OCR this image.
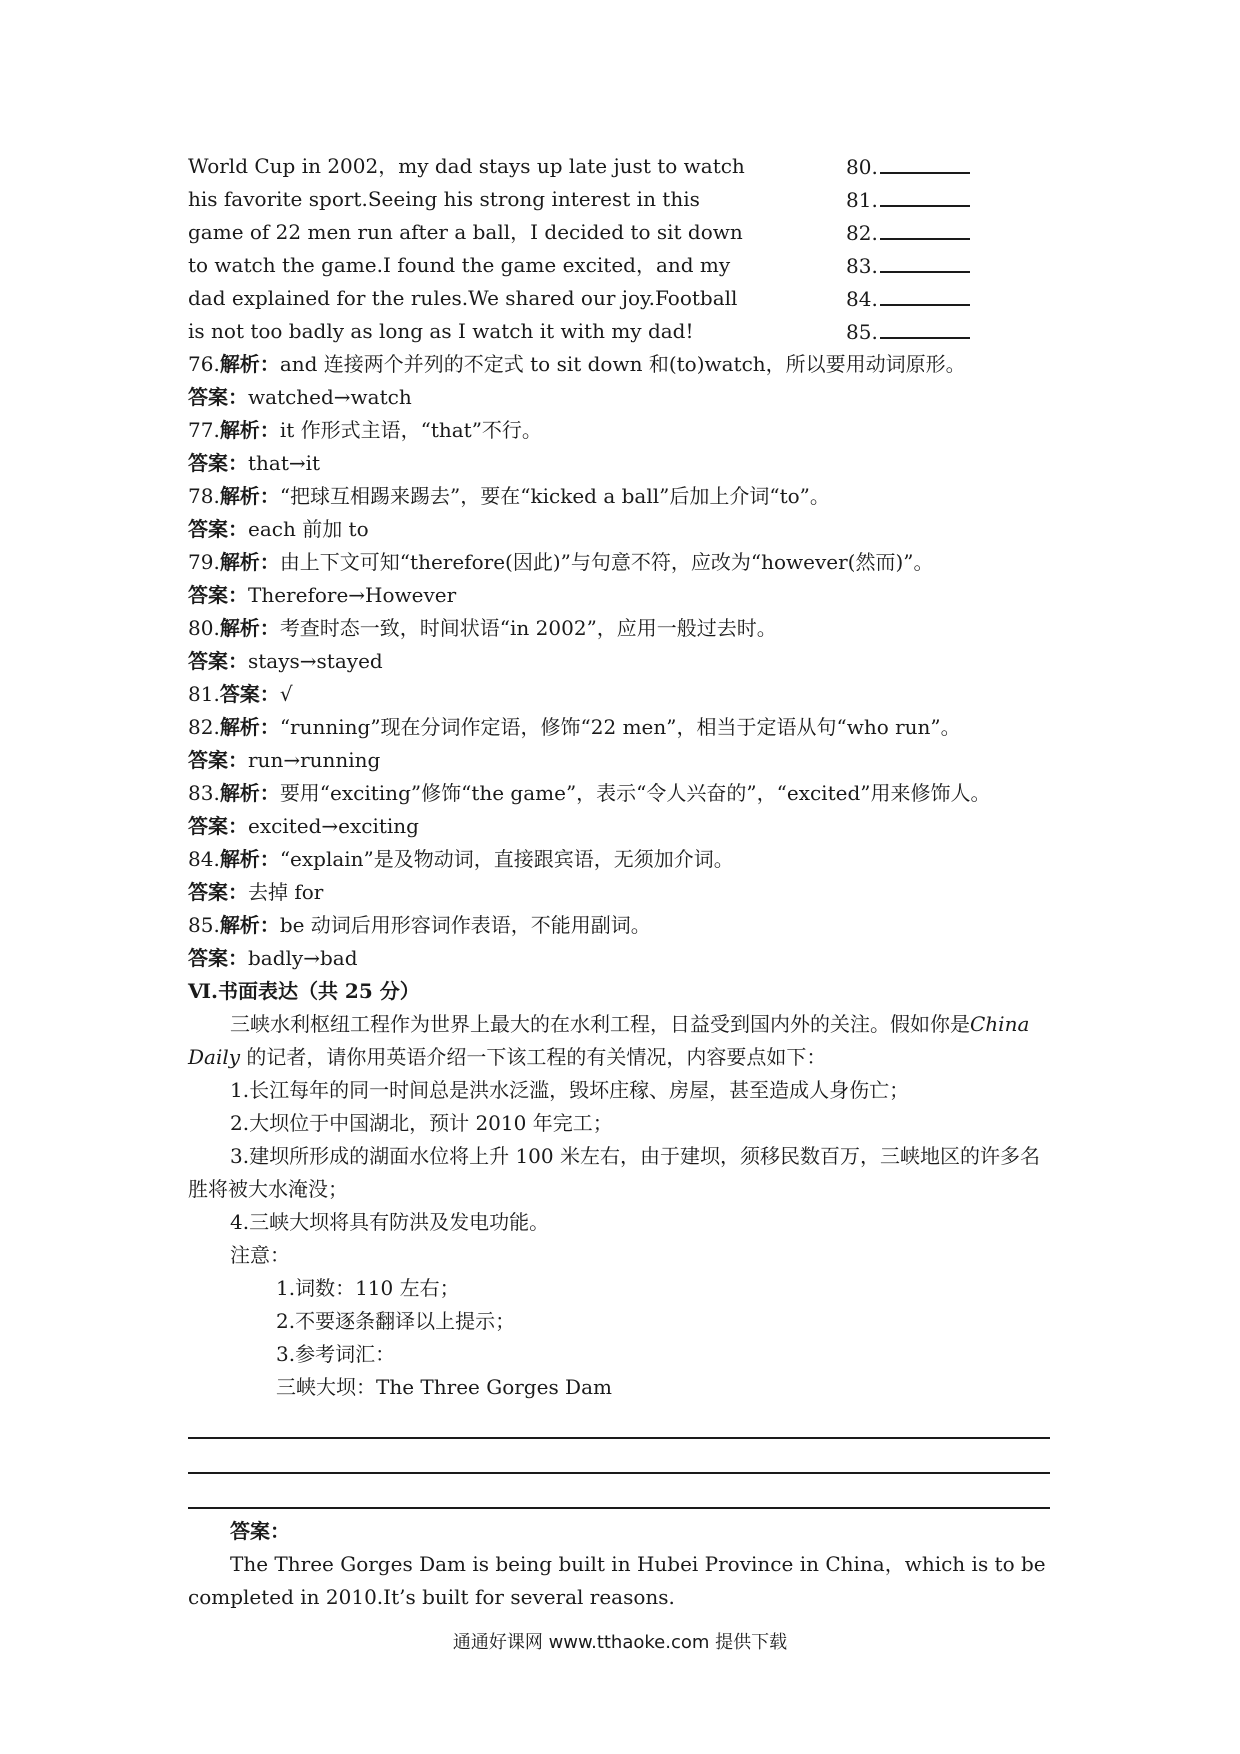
World Cup in 2002，my dad stays up late just to watch	80.
his favorite sport.Seeing his strong interest in this	81.
game of 22 men run after a ball，I decided to sit down	82.
to watch the game.I found the game excited，and my	83.
dad explained for the rules.We shared our joy.Football	84.
is not too badly as long as I watch it with my dad!	85.
76.解析：and 连接两个并列的不定式 to sit down 和(to)watch，所以要用动词原形。
答案：watched→watch
77.解析：it 作形式主语，“that”不行。
答案：that→it
78.解析：“把球互相踢来踢去”，要在“kicked a ball”后加上介词“to”。
答案：each 前加 to
79.解析：由上下文可知“therefore(因此)”与句意不符，应改为“however(然而)”。
答案：Therefore→However
80.解析：考查时态一致，时间状语“in 2002”，应用一般过去时。
答案：stays→stayed
81.答案：√
82.解析：“running”现在分词作定语，修饰“22 men”，相当于定语从句“who run”。
答案：run→running
83.解析：要用“exciting”修饰“the game”，表示“令人兴奋的”，“excited”用来修饰人。
答案：excited→exciting
84.解析：“explain”是及物动词，直接跟宾语，无须加介词。
答案：去掉 for
85.解析：be 动词后用形容词作表语，不能用副词。
答案：badly→bad
Ⅵ.书面表达（共 25 分）
三峡水利枢纽工程作为世界上最大的在水利工程，日益受到国内外的关注。假如你是China Daily 的记者，请你用英语介绍一下该工程的有关情况，内容要点如下：
1.长江每年的同一时间总是洪水泛滥，毁坏庄稼、房屋，甚至造成人身伤亡；
2.大坝位于中国湖北，预计 2010 年完工；
3.建坝所形成的湖面水位将上升 100 米左右，由于建坝，须移民数百万，三峡地区的许多名胜将被大水淹没；
4.三峡大坝将具有防洪及发电功能。
注意：
1.词数：110 左右；
2.不要逐条翻译以上提示；
3.参考词汇：
三峡大坝：The Three Gorges Dam
答案：
The Three Gorges Dam is being built in Hubei Province in China，which is to be completed in 2010.It’s built for several reasons.
通通好课网 www.tthaoke.com 提供下载
